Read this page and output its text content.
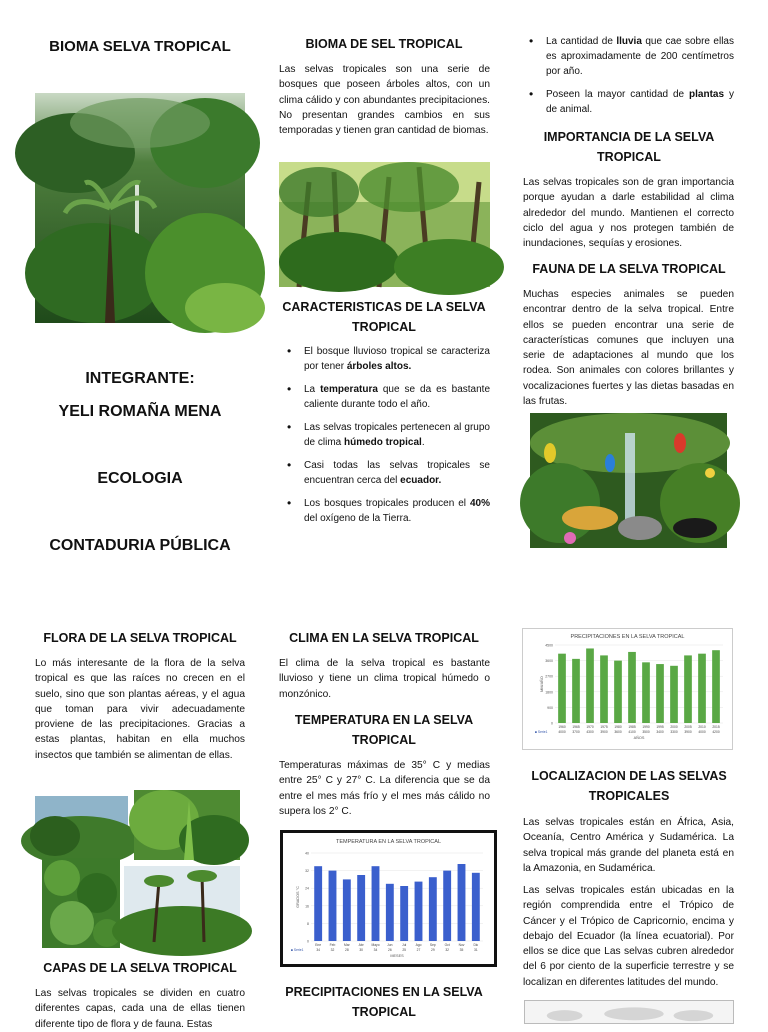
BIOMA SELVA TROPICAL
INTEGRANTE:
YELI ROMAÑA MENA
ECOLOGIA
CONTADURIA PÚBLICA
BIOMA DE SEL TROPICAL
Las selvas tropicales son una serie de bosques que poseen árboles altos, con un clima cálido y con abundantes precipitaciones. No presentan grandes cambios en sus temporadas y tienen gran cantidad de biomas.
CARACTERISTICAS DE LA SELVA TROPICAL
• El bosque lluvioso tropical se caracteriza por tener árboles altos.
• La temperatura que se da es bastante caliente durante todo el año.
• Las selvas tropicales pertenecen al grupo de clima húmedo tropical.
• Casi todas las selvas tropicales se encuentran cerca del ecuador.
• Los bosques tropicales producen el 40% del oxígeno de la Tierra.
• La cantidad de lluvia que cae sobre ellas es aproximadamente de 200 centímetros por año.
• Poseen la mayor cantidad de plantas y de animal.
IMPORTANCIA DE LA SELVA TROPICAL
Las selvas tropicales son de gran importancia porque ayudan a darle estabilidad al clima alrededor del mundo. Mantienen el correcto ciclo del agua y nos protegen también de inundaciones, sequías y erosiones.
FAUNA DE LA SELVA TROPICAL
Muchas especies animales se pueden encontrar dentro de la selva tropical. Entre ellos se pueden encontrar una serie de características comunes que incluyen una serie de adaptaciones al mundo que los rodea. Son animales con colores brillantes y vocalizaciones fuertes y las dietas basadas en las frutas.
FLORA DE LA SELVA TROPICAL
Lo más interesante de la flora de la selva tropical es que las raíces no crecen en el suelo, sino que son plantas aéreas, y el agua que toman para vivir adecuadamente proviene de las precipitaciones. Gracias a estas plantas, habitan en ella muchos insectos que también se alimentan de ellas.
CAPAS DE LA SELVA TROPICAL
Las selvas tropicales se dividen en cuatro diferentes capas, cada una de ellas tienen diferente tipo de flora y de fauna. Estas
CLIMA EN LA SELVA TROPICAL
El clima de la selva tropical es bastante lluvioso y tiene un clima tropical húmedo o monzónico.
TEMPERATURA EN LA SELVA TROPICAL
Temperaturas máximas de 35° C y medias entre 25° C y 27° C. La diferencia que se da entre el mes más frío y el mes más cálido no supera los 2° C.
TEMPERATURA EN LA SELVA TROPICAL
0
8
16
24
32
40
Ene
34
Feb
32
Mar
28
Abr
30
Mayo
34
Jun
26
Jul
25
Ago
27
Sep
29
Oct
32
Nov
35
Dic
31
■ Serie1
MESES
GRADOS °C
PRECIPITACIONES EN LA SELVA TROPICAL
PRECIPITACIONES EN LA SELVA TROPICAL
0
900
1800
2700
3600
4500
1960
4000
1965
3700
1970
4300
1975
3900
1980
3600
1985
4100
1990
3500
1995
3400
2000
3300
2005
3900
2010
4000
2015
4200
■ Serie1
AÑOS
MM/AÑO
LOCALIZACION DE LAS SELVAS TROPICALES
Las selvas tropicales están en África, Asia, Oceanía, Centro América y Sudamérica. La selva tropical más grande del planeta está en la Amazonia, en Sudamérica.
Las selvas tropicales están ubicadas en la región comprendida entre el Trópico de Cáncer y el Trópico de Capricornio, encima y debajo del Ecuador (la línea ecuatorial). Por ellos se dice que Las selvas cubren alrededor del 6 por ciento de la superficie terrestre y se localizan en diferentes latitudes del mundo.
